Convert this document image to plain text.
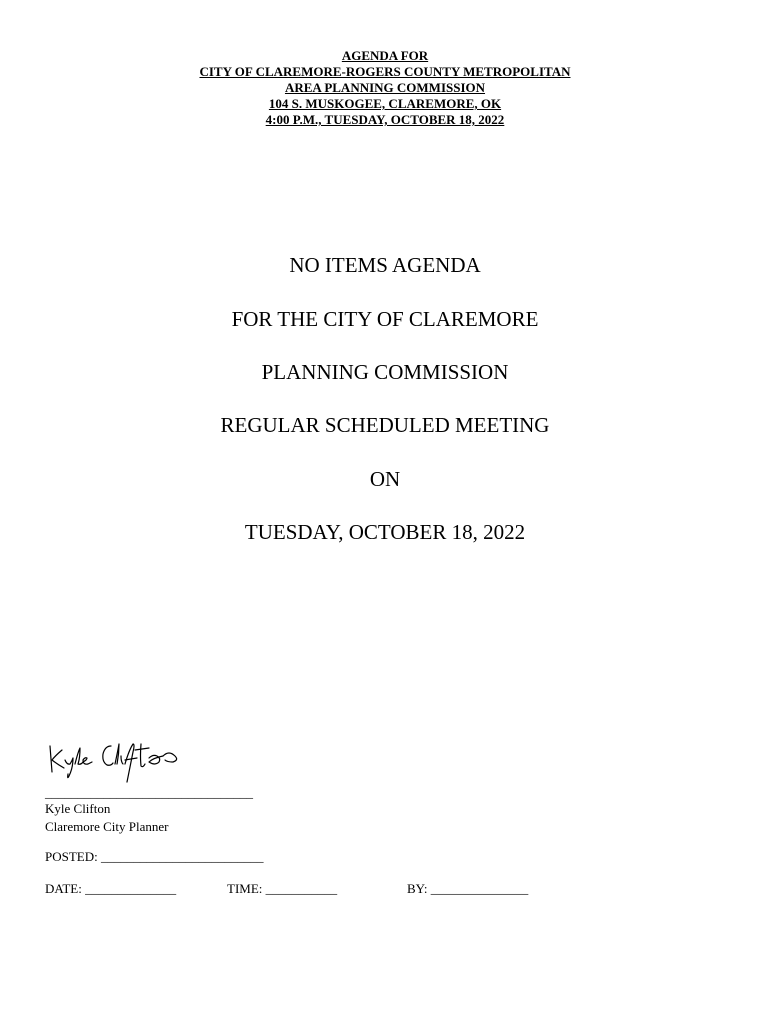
AGENDA FOR
CITY OF CLAREMORE-ROGERS COUNTY METROPOLITAN
AREA PLANNING COMMISSION
104 S. MUSKOGEE, CLAREMORE, OK
4:00 P.M., TUESDAY, OCTOBER 18, 2022
NO ITEMS AGENDA
FOR THE CITY OF CLAREMORE
PLANNING COMMISSION
REGULAR SCHEDULED MEETING
ON
TUESDAY, OCTOBER 18, 2022
________________________________
Kyle Clifton
Claremore City Planner
POSTED: _________________________
DATE: ______________	TIME: ___________	BY: _______________
